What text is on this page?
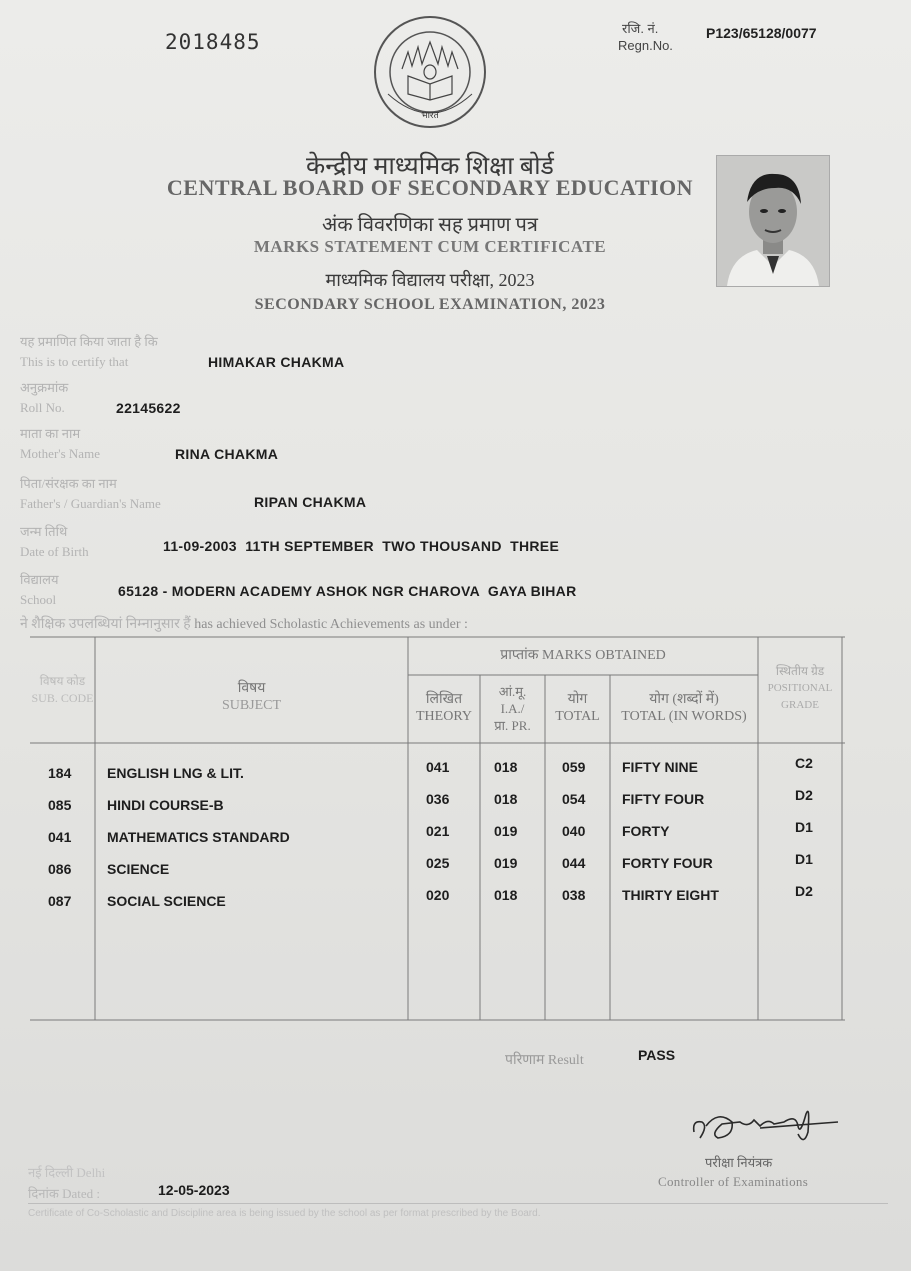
2018485
रजि. नं.
Regn.No.
P123/65128/0077
भारत
केन्द्रीय माध्यमिक शिक्षा बोर्ड
CENTRAL BOARD OF SECONDARY EDUCATION
अंक विवरणिका सह प्रमाण पत्र
MARKS STATEMENT CUM CERTIFICATE
माध्यमिक विद्यालय परीक्षा, 2023
SECONDARY SCHOOL EXAMINATION, 2023
यह प्रमाणित किया जाता है कि
This is to certify that	HIMAKAR CHAKMA
अनुक्रमांक
Roll No.	22145622
माता का नाम
Mother's Name	RINA CHAKMA
पिता/संरक्षक का नाम
Father's / Guardian's Name	RIPAN CHAKMA
जन्म तिथि
Date of Birth	11-09-2003  11TH SEPTEMBER  TWO THOUSAND  THREE
विद्यालय
School
65128 - MODERN ACADEMY ASHOK NGR CHAROVA  GAYA BIHAR
ने शैक्षिक उपलब्धियां निम्नानुसार हैं has achieved Scholastic Achievements as under :
विषय कोड
SUB. CODE
विषय
SUBJECT
प्राप्तांक MARKS OBTAINED
लिखित
THEORY
आं.मू.
I.A./
प्रा. PR.
योग
TOTAL
योग (शब्दों में)
TOTAL (IN WORDS)
स्थितीय ग्रेड
POSITIONAL GRADE
184	ENGLISH LNG & LIT.	041	018	059	FIFTY NINE	C2
085	HINDI COURSE-B	036	018	054	FIFTY FOUR	D2
041	MATHEMATICS STANDARD	021	019	040	FORTY	D1
086	SCIENCE	025	019	044	FORTY FOUR	D1
087	SOCIAL SCIENCE	020	018	038	THIRTY EIGHT	D2
परिणाम Result	PASS
परीक्षा नियंत्रक
Controller of Examinations
नई दिल्ली Delhi
दिनांक Dated :	12-05-2023
Certificate of Co-Scholastic and Discipline area is being issued by the school as per format prescribed by the Board.
